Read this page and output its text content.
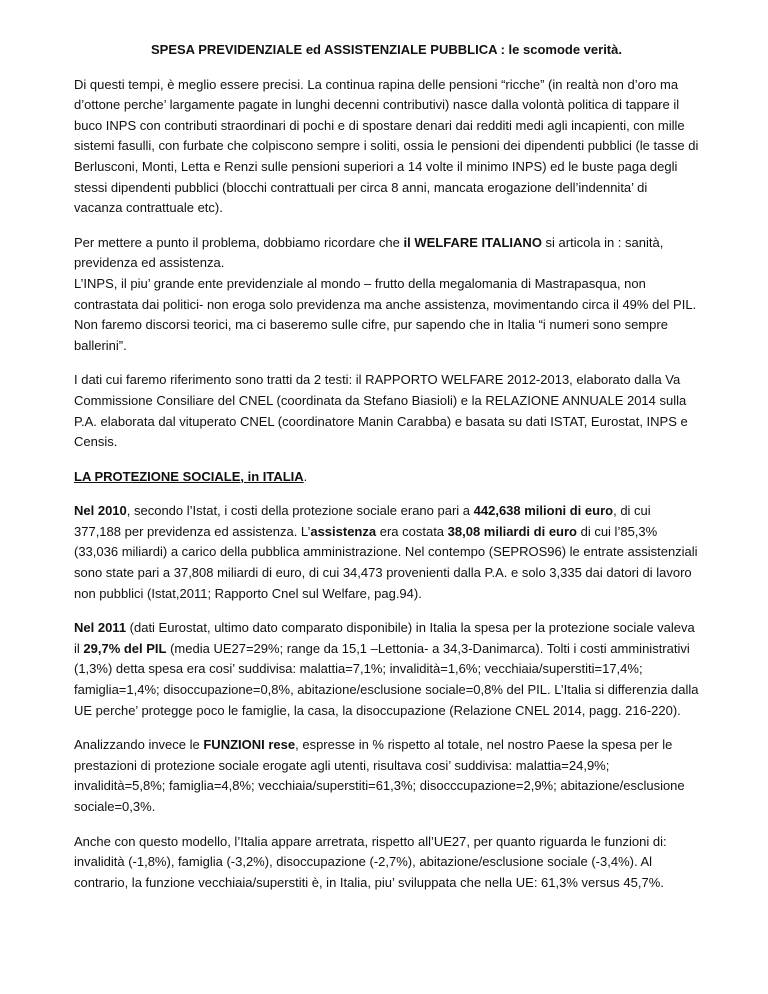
SPESA PREVIDENZIALE ed ASSISTENZIALE PUBBLICA : le scomode verità.
Di questi tempi, è meglio essere precisi. La continua rapina delle pensioni “ricche” (in realtà non d’oro ma d’ottone perche’ largamente pagate in lunghi decenni contributivi) nasce dalla volontà politica di tappare il buco INPS con contributi straordinari di pochi e di spostare denari dai redditi medi agli incapienti, con mille sistemi fasulli, con furbate che colpiscono sempre i soliti, ossia le pensioni dei dipendenti pubblici (le tasse di Berlusconi, Monti, Letta e Renzi sulle pensioni superiori a 14 volte il minimo INPS) ed le buste paga degli stessi dipendenti pubblici (blocchi contrattuali per circa 8 anni, mancata erogazione dell’indennita’ di vacanza contrattuale etc).
Per mettere a punto il problema, dobbiamo ricordare che il WELFARE ITALIANO si articola in : sanità, previdenza ed assistenza.
L’INPS, il piu’ grande ente previdenziale al mondo – frutto della megalomania di Mastrapasqua, non contrastata dai politici- non eroga solo previdenza ma anche assistenza, movimentando circa il 49% del PIL. Non faremo discorsi teorici, ma ci baseremo sulle cifre, pur sapendo che in Italia “i numeri sono sempre ballerini”.
I dati cui faremo riferimento sono tratti da 2 testi: il RAPPORTO WELFARE 2012-2013, elaborato dalla Va Commissione Consiliare del CNEL (coordinata da Stefano Biasioli) e la RELAZIONE ANNUALE 2014 sulla P.A. elaborata dal vituperato CNEL (coordinatore Manin Carabba) e basata su dati ISTAT, Eurostat, INPS e Censis.
LA PROTEZIONE SOCIALE, in ITALIA.
Nel 2010, secondo l’Istat, i costi della protezione sociale erano pari a 442,638 milioni di euro, di cui 377,188 per previdenza ed assistenza. L’assistenza era costata 38,08 miliardi di euro di cui l’85,3% (33,036 miliardi) a carico della pubblica amministrazione. Nel contempo (SEPROS96) le entrate assistenziali sono state pari a 37,808 miliardi di euro, di cui 34,473 provenienti dalla P.A. e solo 3,335 dai datori di lavoro non pubblici (Istat,2011; Rapporto Cnel sul Welfare, pag.94).
Nel 2011 (dati Eurostat, ultimo dato comparato disponibile) in Italia la spesa per la protezione sociale valeva il 29,7% del PIL (media UE27=29%; range da 15,1 –Lettonia- a 34,3-Danimarca). Tolti i costi amministrativi (1,3%) detta spesa era cosi’ suddivisa: malattia=7,1%; invalidità=1,6%; vecchiaia/superstiti=17,4%; famiglia=1,4%; disoccupazione=0,8%, abitazione/esclusione sociale=0,8% del PIL. L’Italia si differenzia dalla UE perche’ protegge poco le famiglie, la casa, la disoccupazione (Relazione CNEL 2014, pagg. 216-220).
Analizzando invece le FUNZIONI rese, espresse in % rispetto al totale, nel nostro Paese la spesa per le prestazioni di protezione sociale erogate agli utenti, risultava cosi’ suddivisa: malattia=24,9%; invalidità=5,8%; famiglia=4,8%; vecchiaia/superstiti=61,3%; disocccupazione=2,9%; abitazione/esclusione sociale=0,3%.
Anche con questo modello, l’Italia appare arretrata, rispetto all’UE27, per quanto riguarda le funzioni di: invalidità (-1,8%), famiglia (-3,2%), disoccupazione (-2,7%), abitazione/esclusione sociale (-3,4%). Al contrario, la funzione vecchiaia/superstiti è, in Italia, piu’ sviluppata che nella UE: 61,3% versus 45,7%.
